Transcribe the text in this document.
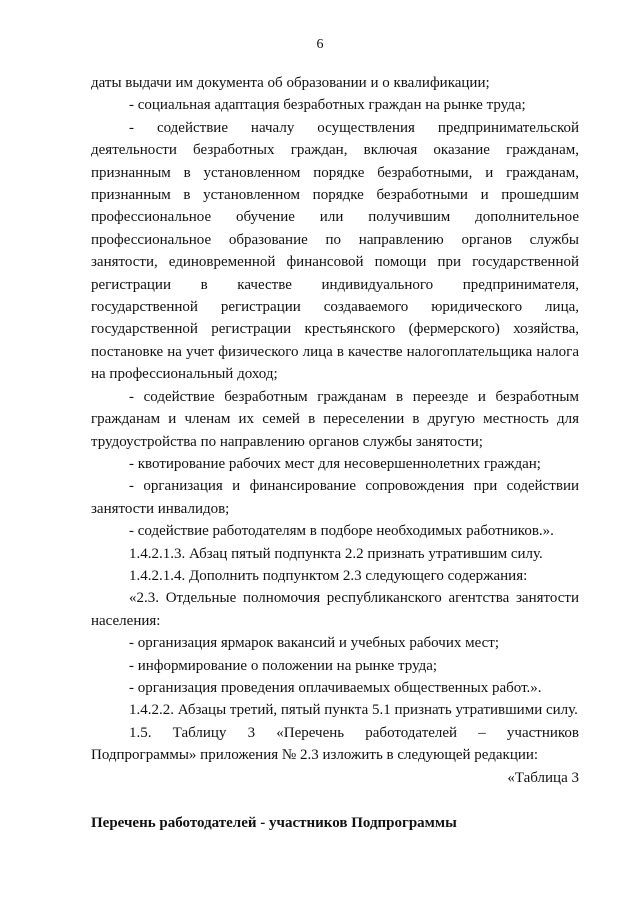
6

даты выдачи им документа об образовании и о квалификации;

- социальная адаптация безработных граждан на рынке труда;

- содействие началу осуществления предпринимательской деятельности безработных граждан, включая оказание гражданам, признанным в установленном порядке безработными, и гражданам, признанным в установленном порядке безработными и прошедшим профессиональное обучение или получившим дополнительное профессиональное образование по направлению органов службы занятости, единовременной финансовой помощи при государственной регистрации в качестве индивидуального предпринимателя, государственной регистрации создаваемого юридического лица, государственной регистрации крестьянского (фермерского) хозяйства, постановке на учет физического лица в качестве налогоплательщика налога на профессиональный доход;

- содействие безработным гражданам в переезде и безработным гражданам и членам их семей в переселении в другую местность для трудоустройства по направлению органов службы занятости;

- квотирование рабочих мест для несовершеннолетних граждан;

- организация и финансирование сопровождения при содействии занятости инвалидов;

- содействие работодателям в подборе необходимых работников.».

1.4.2.1.3. Абзац пятый подпункта 2.2 признать утратившим силу.

1.4.2.1.4. Дополнить подпунктом 2.3 следующего содержания:

«2.3. Отдельные полномочия республиканского агентства занятости населения:

- организация ярмарок вакансий и учебных рабочих мест;

- информирование о положении на рынке труда;

- организация проведения оплачиваемых общественных работ.».

1.4.2.2. Абзацы третий, пятый пункта 5.1 признать утратившими силу.

1.5. Таблицу 3 «Перечень работодателей – участников Подпрограммы» приложения № 2.3 изложить в следующей редакции:

«Таблица 3

Перечень работодателей - участников Подпрограммы
